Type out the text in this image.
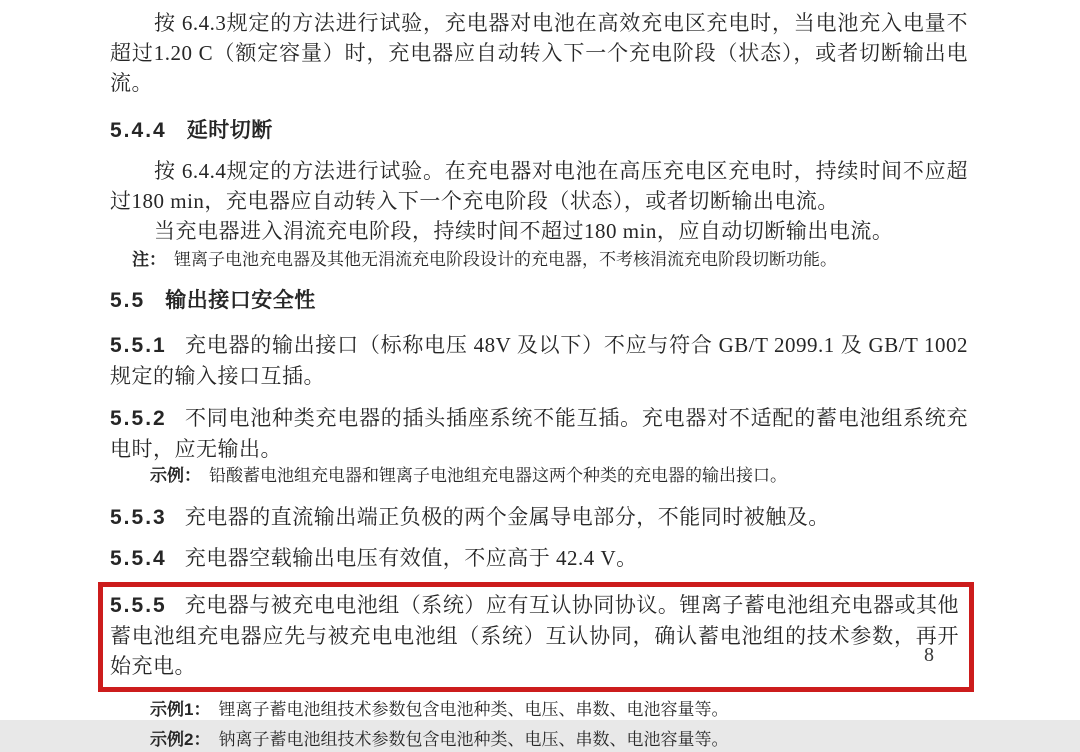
按 6.4.3规定的方法进行试验，充电器对电池在高效充电区充电时，当电池充入电量不超过1.20 C（额定容量）时，充电器应自动转入下一个充电阶段（状态），或者切断输出电流。

5.4.4 延时切断

按 6.4.4规定的方法进行试验。在充电器对电池在高压充电区充电时，持续时间不应超过180 min，充电器应自动转入下一个充电阶段（状态），或者切断输出电流。

当充电器进入涓流充电阶段，持续时间不超过180 min，应自动切断输出电流。

注： 锂离子电池充电器及其他无涓流充电阶段设计的充电器，不考核涓流充电阶段切断功能。

5.5 输出接口安全性

5.5.1 充电器的输出接口（标称电压 48V 及以下）不应与符合 GB/T 2099.1 及 GB/T 1002 规定的输入接口互插。

5.5.2 不同电池种类充电器的插头插座系统不能互插。充电器对不适配的蓄电池组系统充电时，应无输出。

示例： 铅酸蓄电池组充电器和锂离子电池组充电器这两个种类的充电器的输出接口。

5.5.3 充电器的直流输出端正负极的两个金属导电部分，不能同时被触及。

5.5.4 充电器空载输出电压有效值，不应高于 42.4 V。

5.5.5 充电器与被充电电池组（系统）应有互认协同协议。锂离子蓄电池组充电器或其他蓄电池组充电器应先与被充电电池组（系统）互认协同，确认蓄电池组的技术参数，再开始充电。

示例1： 锂离子蓄电池组技术参数包含电池种类、电压、串数、电池容量等。

示例2： 钠离子蓄电池组技术参数包含电池种类、电压、串数、电池容量等。

8
